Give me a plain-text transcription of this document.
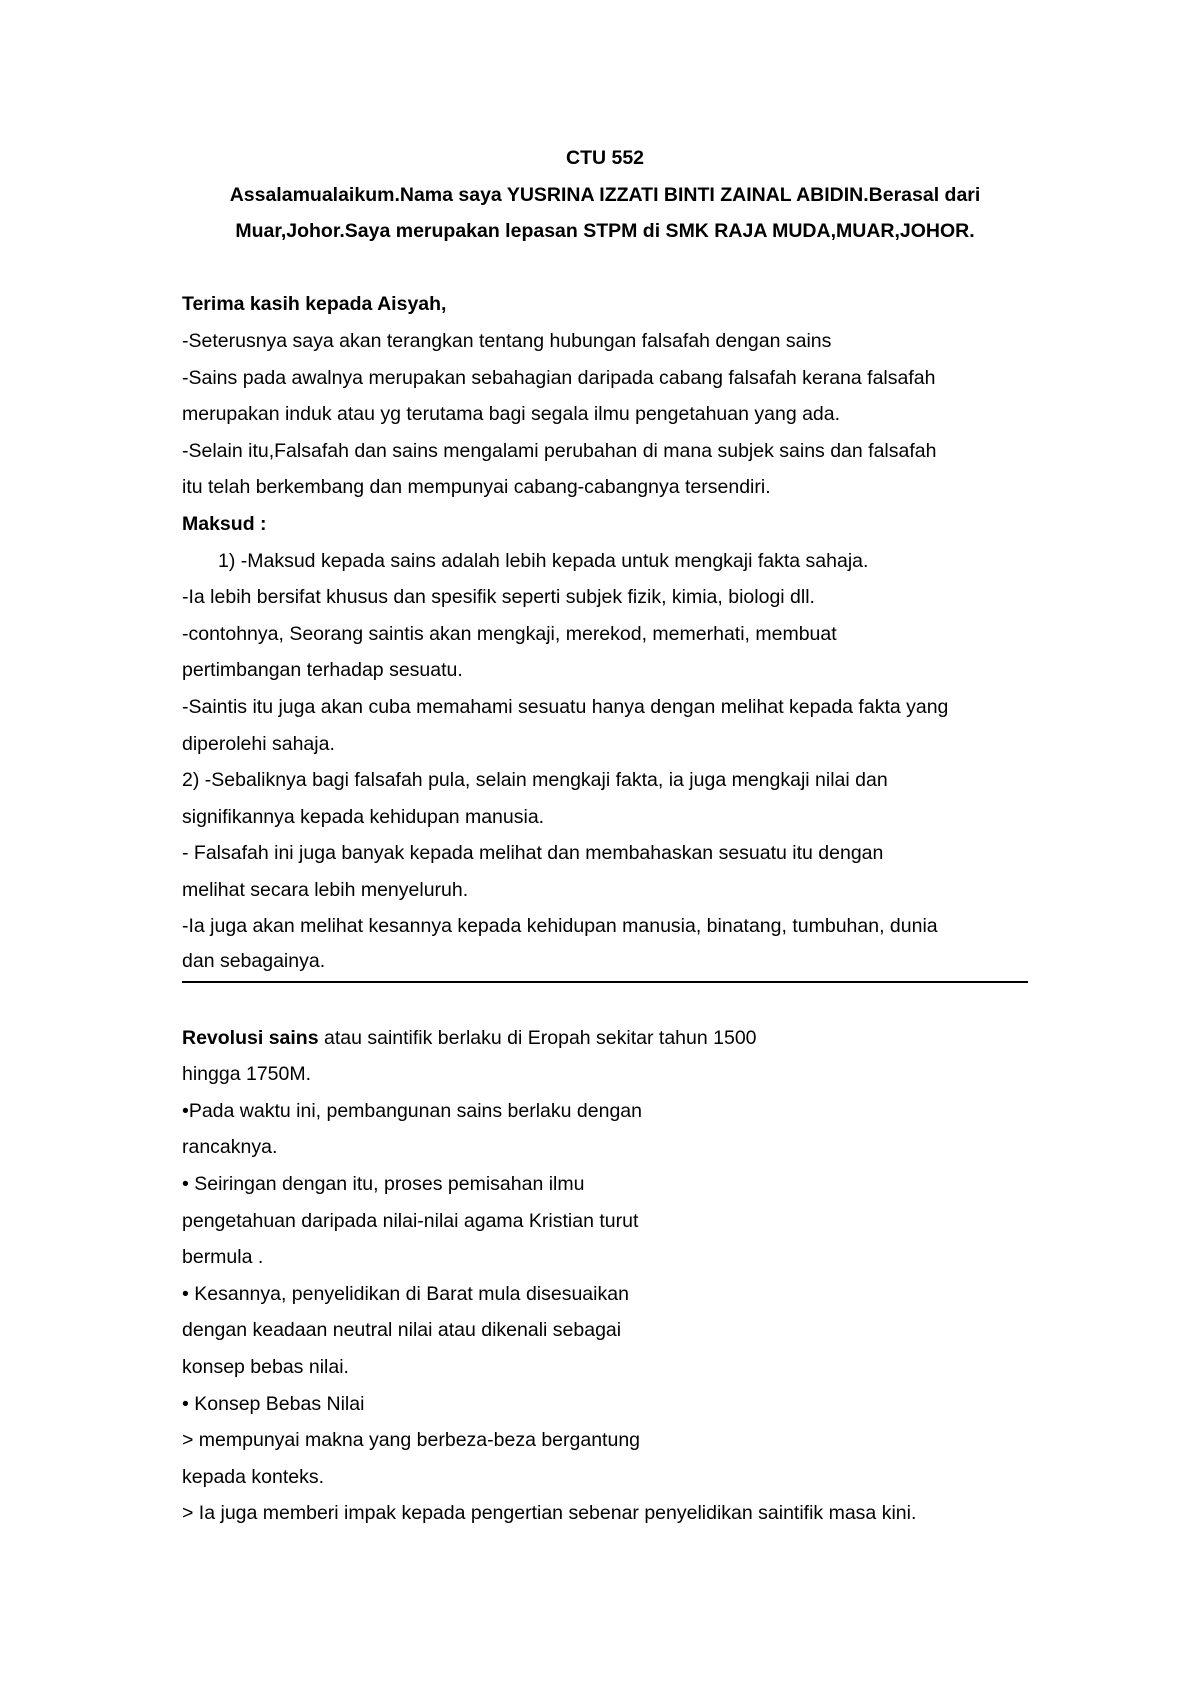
CTU 552

Assalamualaikum.Nama saya YUSRINA IZZATI BINTI ZAINAL ABIDIN.Berasal dari

Muar,Johor.Saya merupakan lepasan STPM di SMK RAJA MUDA,MUAR,JOHOR.

Terima kasih kepada Aisyah,

-Seterusnya saya akan terangkan tentang hubungan falsafah dengan sains

-Sains pada awalnya merupakan sebahagian daripada cabang falsafah kerana falsafah

merupakan induk atau yg terutama bagi segala ilmu pengetahuan yang ada.

-Selain itu,Falsafah dan sains mengalami perubahan di mana subjek sains dan falsafah

itu telah berkembang dan mempunyai cabang-cabangnya tersendiri.

Maksud :

1) -Maksud kepada sains adalah lebih kepada untuk mengkaji fakta sahaja.

-Ia lebih bersifat khusus dan spesifik seperti subjek fizik, kimia, biologi dll.

-contohnya, Seorang saintis akan mengkaji, merekod, memerhati, membuat

pertimbangan terhadap sesuatu.

-Saintis itu juga akan cuba memahami sesuatu hanya dengan melihat kepada fakta yang

diperolehi sahaja.

2) -Sebaliknya bagi falsafah pula, selain mengkaji fakta, ia juga mengkaji nilai dan

signifikannya kepada kehidupan manusia.

- Falsafah ini juga banyak kepada melihat dan membahaskan sesuatu itu dengan

melihat secara lebih menyeluruh.

-Ia juga akan melihat kesannya kepada kehidupan manusia, binatang, tumbuhan, dunia

dan sebagainya.

Revolusi sains atau saintifik berlaku di Eropah sekitar tahun 1500

hingga 1750M.

•Pada waktu ini, pembangunan sains berlaku dengan

rancaknya.

• Seiringan dengan itu, proses pemisahan ilmu

pengetahuan daripada nilai-nilai agama Kristian turut

bermula .

• Kesannya, penyelidikan di Barat mula disesuaikan

dengan keadaan neutral nilai atau dikenali sebagai

konsep bebas nilai.

• Konsep Bebas Nilai

> mempunyai makna yang berbeza-beza bergantung

kepada konteks.

> Ia juga memberi impak kepada pengertian sebenar penyelidikan saintifik masa kini.
